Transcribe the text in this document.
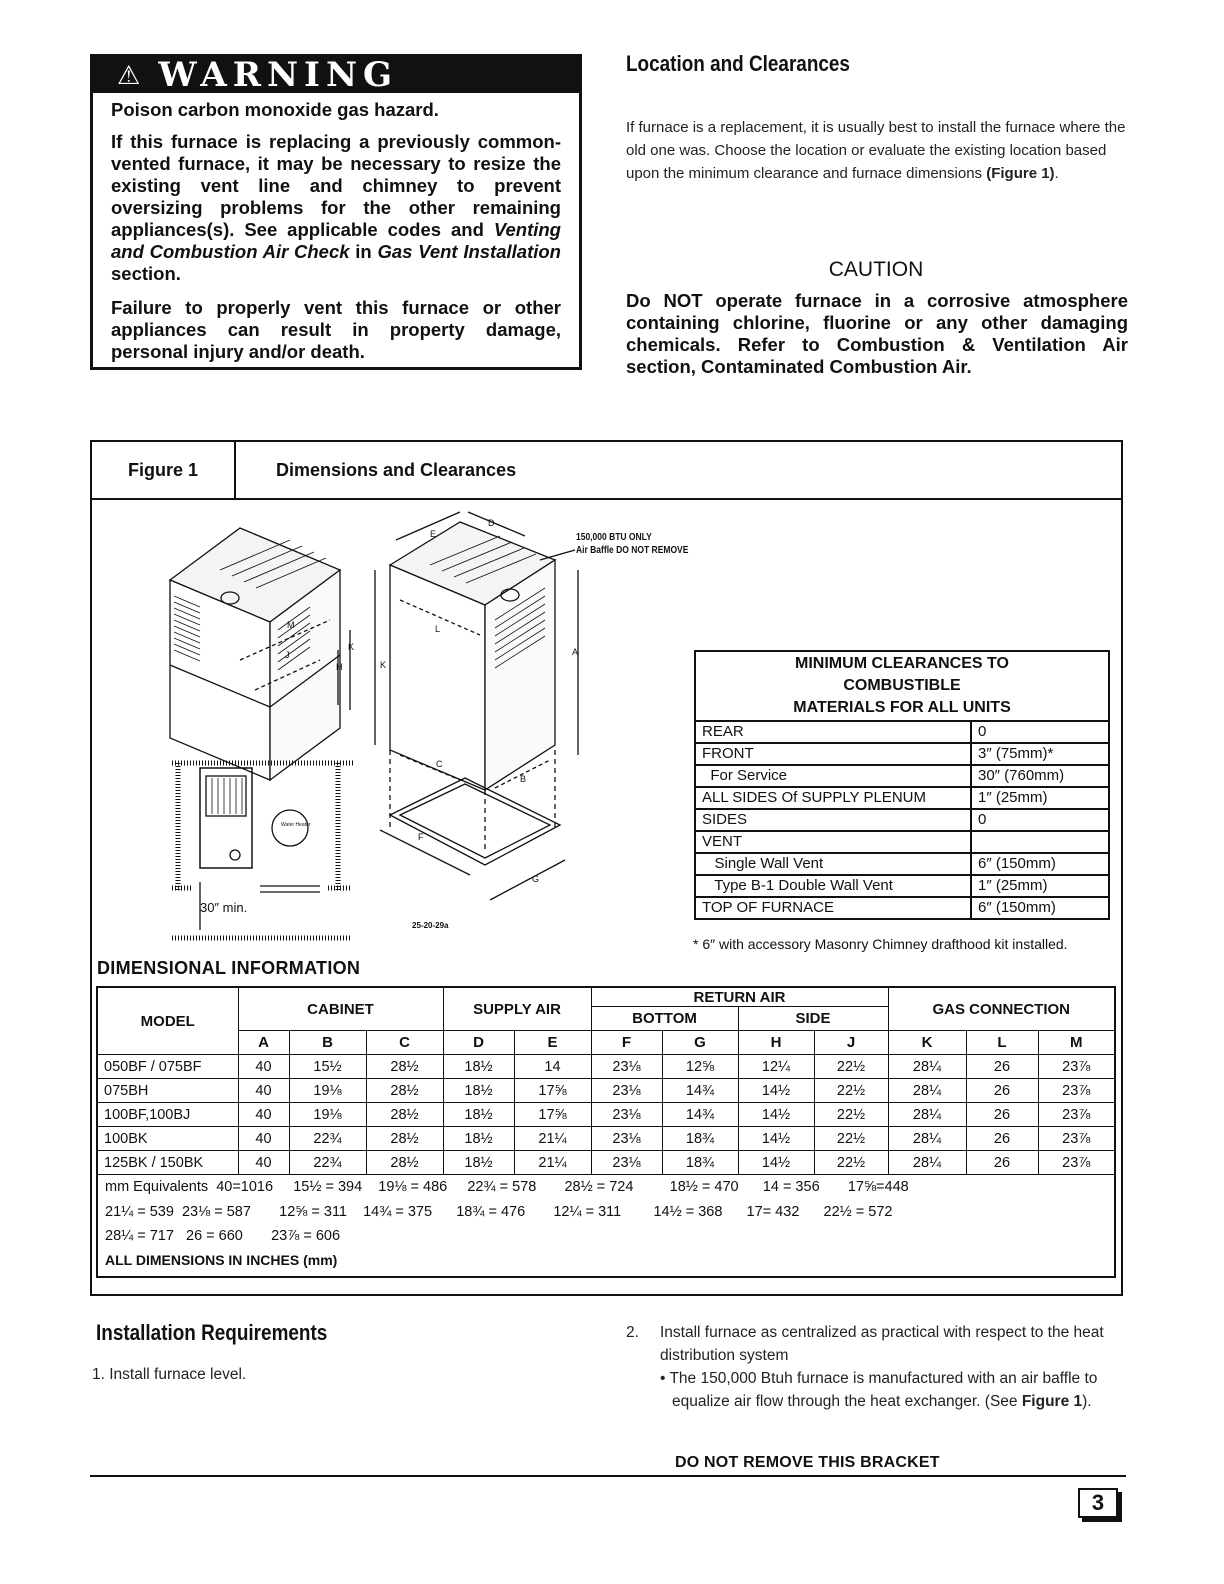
⚠ WARNING

Poison carbon monoxide gas hazard.

If this furnace is replacing a previously common-vented furnace, it may be necessary to resize the existing vent line and chimney to prevent oversizing problems for the other remaining appliances(s). See applicable codes and Venting and Combustion Air Check in Gas Vent Installation section.

Failure to properly vent this furnace or other appliances can result in property damage, personal injury and/or death.

Location and Clearances
If furnace is a replacement, it is usually best to install the furnace where the old one was. Choose the location or evaluate the existing location based upon the minimum clearance and furnace dimensions (Figure 1).
CAUTION
Do NOT operate furnace in a corrosive atmosphere containing chlorine, fluorine or any other damaging chemicals. Refer to Combustion & Ventilation Air section, Contaminated Combustion Air.
Figure 1	Dimensions and Clearances
M
J
H
K
Water Heater
E
D
L
K
A
C
B
F
G
150,000 BTU ONLY
Air Baffle DO NOT REMOVE
30″ min.
25-20-29a
MINIMUM CLEARANCES TO
COMBUSTIBLE
MATERIALS FOR ALL UNITS	

REAR	0
FRONT	3″ (75mm)*
For Service	30″ (760mm)
ALL SIDES Of SUPPLY PLENUM	1″ (25mm)
SIDES	0
VENT	
Single Wall Vent	6″ (150mm)
Type B-1 Double Wall Vent	1″ (25mm)
TOP OF FURNACE	6″ (150mm)
* 6″ with accessory Masonry Chimney drafthood kit installed.
DIMENSIONAL INFORMATION
MODEL	CABINET			SUPPLY AIR		RETURN AIR				GAS CONNECTION		
						BOTTOM		SIDE				
	A	B	C	D	E	F	G	H	J	K	L	M
050BF / 075BF	40	15½	28½	18½	14	23⅛	12⅝	12¼	22½	28¼	26	23⅞
075BH	40	19⅛	28½	18½	17⅝	23⅛	14¾	14½	22½	28¼	26	23⅞
100BF,100BJ	40	19⅛	28½	18½	17⅝	23⅛	14¾	14½	22½	28¼	26	23⅞
100BK	40	22¾	28½	18½	21¼	23⅛	18¾	14½	22½	28¼	26	23⅞
125BK / 150BK	40	22¾	28½	18½	21¼	23⅛	18¾	14½	22½	28¼	26	23⅞

mm Equivalents  40=1016     15½ = 394    19⅛ = 486     22¾ = 578       28½ = 724         18½ = 470      14 = 356       17⅝=448
21¼ = 539  23⅛ = 587       12⅝ = 311    14¾ = 375      18¾ = 476       12¼ = 311        14½ = 368      17= 432      22½ = 572
28¼ = 717   26 = 660       23⅞ = 606
ALL DIMENSIONS IN INCHES (mm)												
Installation Requirements
1. Install furnace level.
2. Install furnace as centralized as practical with respect to the heat distribution system
• The 150,000 Btuh furnace is manufactured with an air baffle to equalize air flow through the heat exchanger. (See Figure 1).
DO NOT REMOVE THIS BRACKET
3
